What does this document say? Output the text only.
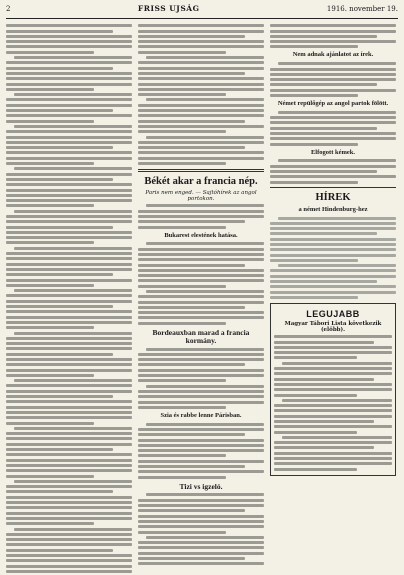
2	FRISS UJSÁG	1916. november 19.
Békét akar a francia nép.
Paris nem enged. — Sajtóhírek az angol portokon.
Bukarest elestének hatása.
Bordeauxban marad a francia kormány.
Szia és rabbe lenne Párisban.
Tizi vs igzeló.
Nem adnak ajánlatot az írek.
Német repülőgép az angol partok fölött.
Elfogott kémek.
HÍREK
a német Hindenburg-hez
LEGUJABB
Magyar Tábori Lista következik (előbb).
